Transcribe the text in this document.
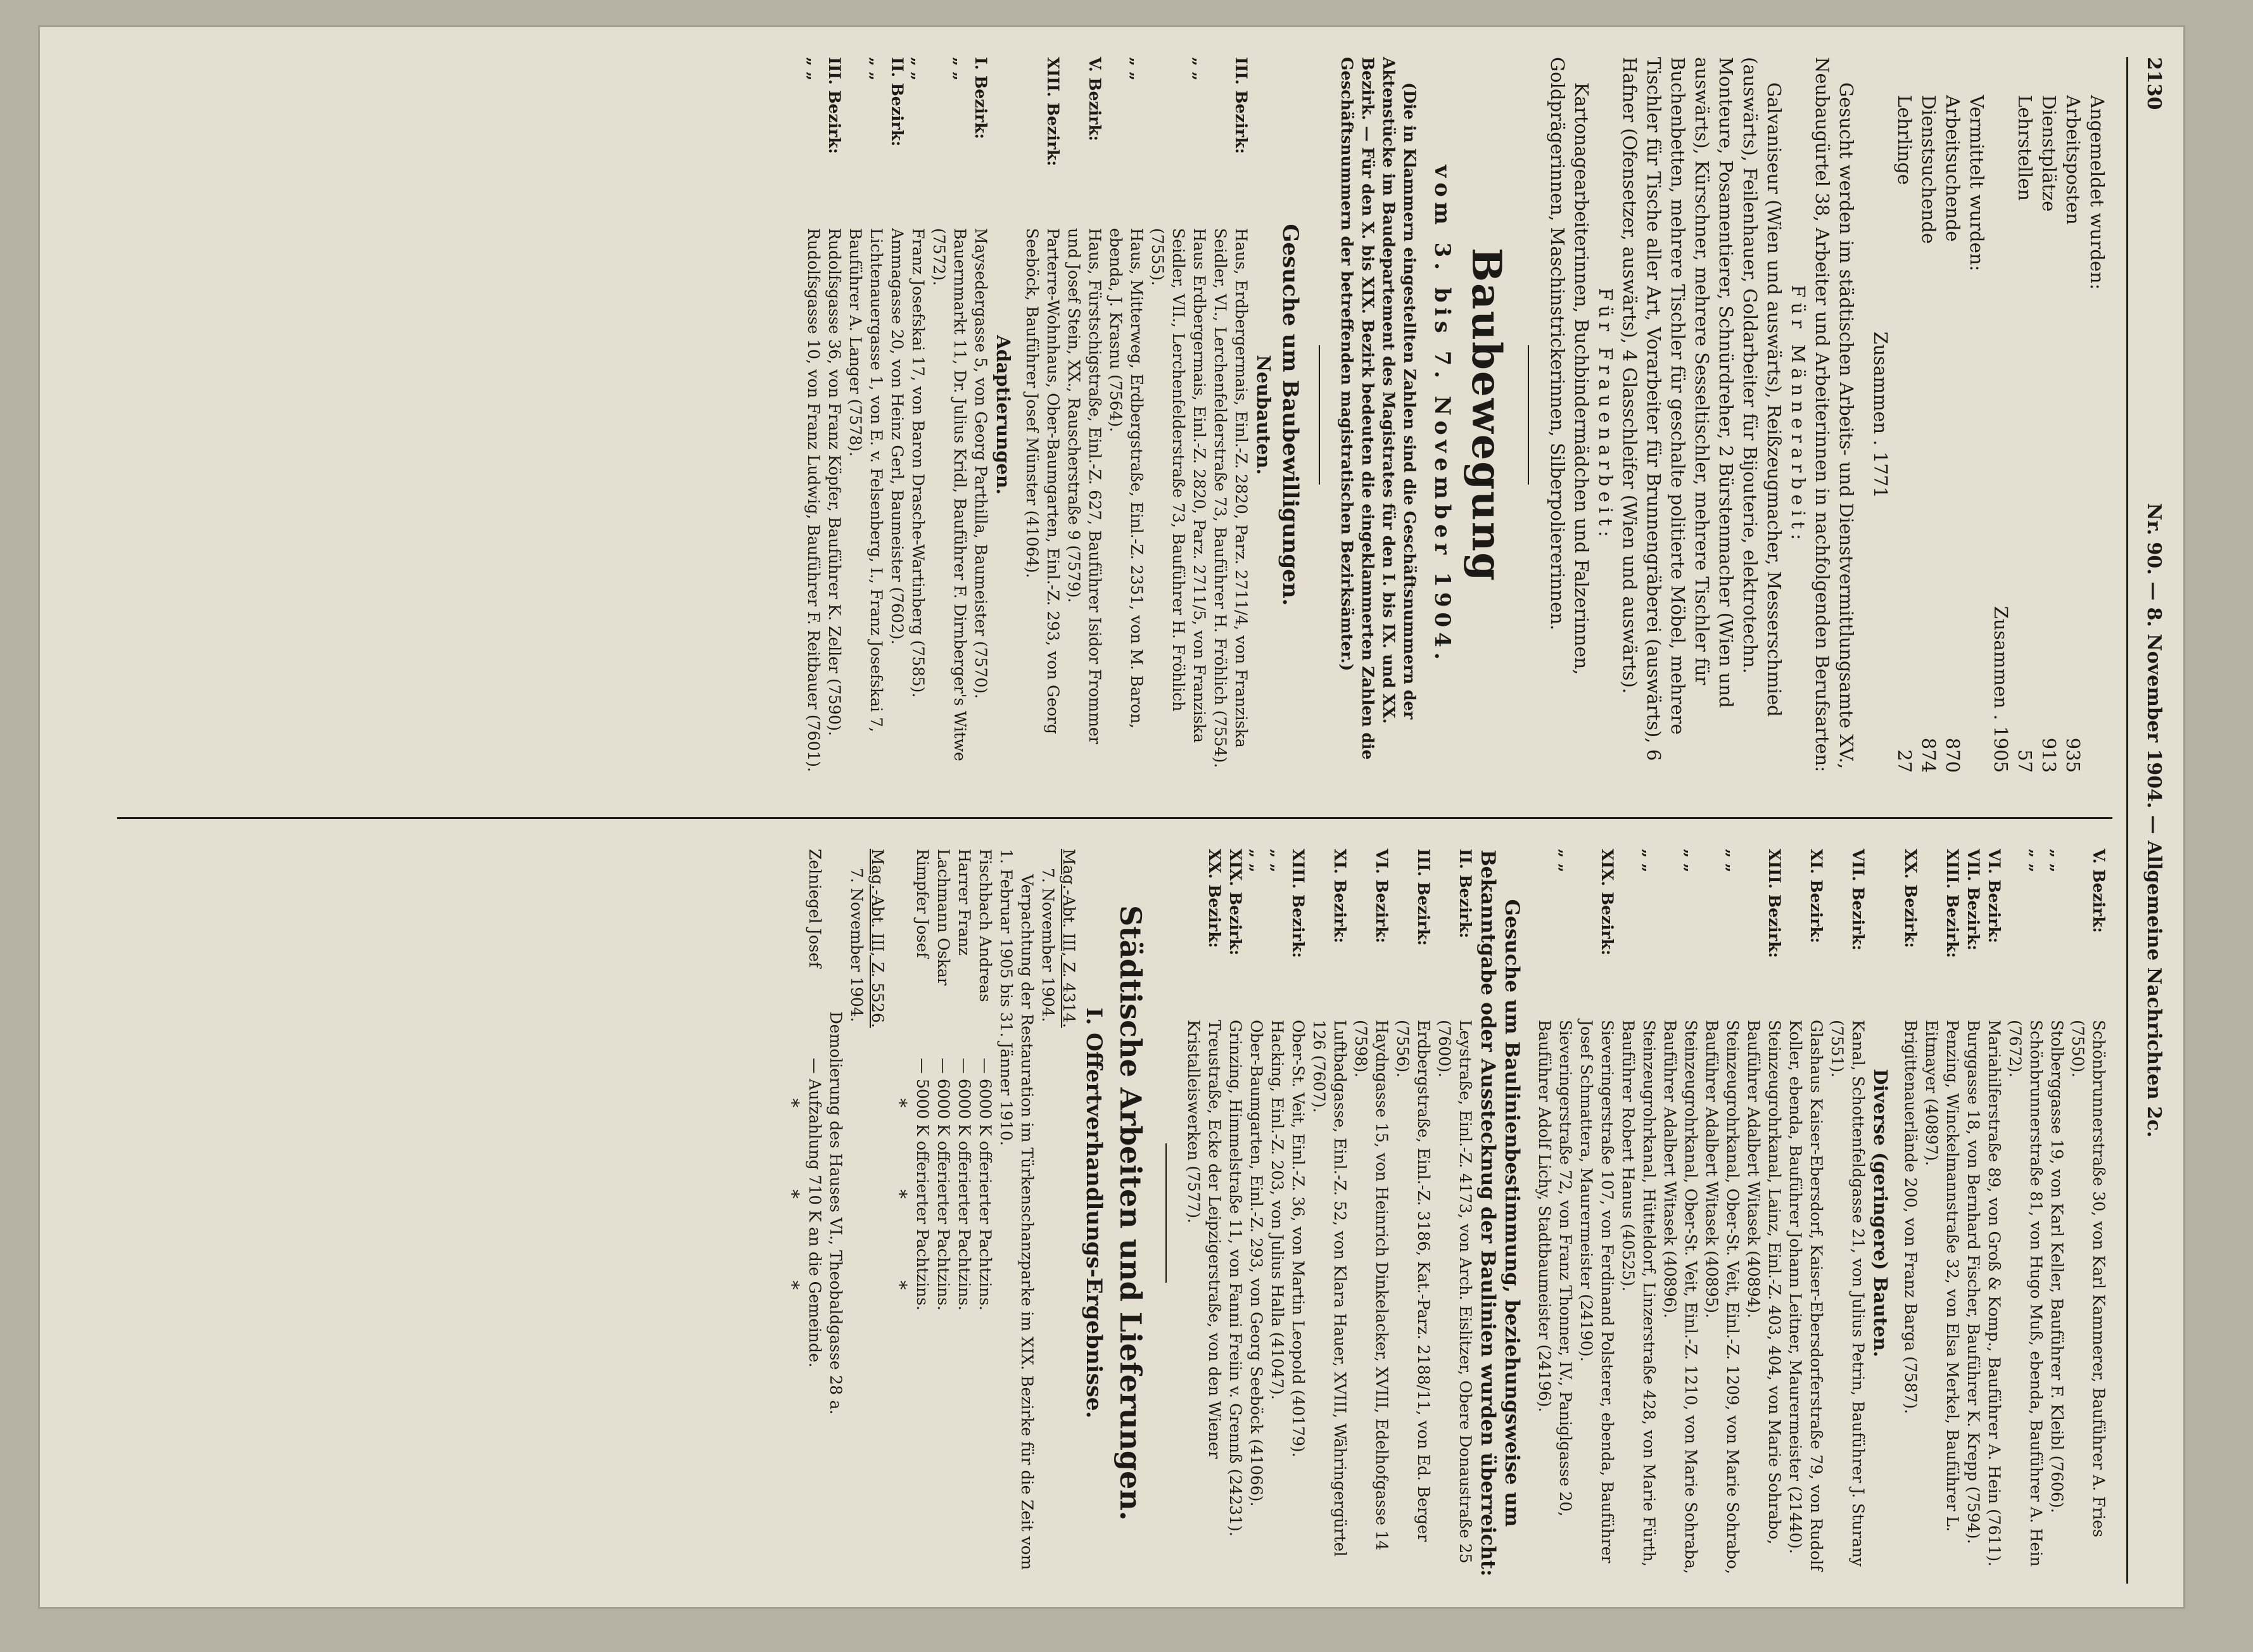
2130
Nr. 90. — 8. November 1904. — Allgemeine Nachrichten 2c.

Angemeldet wurden:

Arbeitsposten
935
Dienstplätze
913
Lehrstellen
57

Zusammen . 1905

Vermittelt wurden:

Arbeitsuchende
870
Dienstsuchende
874
Lehrlinge
27

Zusammen . 1771

Gesucht werden im städtischen Arbeits- und Dienstvermittlungsamte XV., Neubaugürtel 38, Arbeiter und Arbeiterinnen in nachfolgenden Berufsarten:

Für Männerarbeit:

Galvaniseur (Wien und auswärts), Reißzeugmacher, Messerschmied (auswärts), Feilenhauer, Goldarbeiter für Bijouterie, elektrotechn. Monteure, Posamentierer, Schnürdreher, 2 Bürstenmacher (Wien und auswärts), Kürschner, mehrere Sesseltischler, mehrere Tischler für Buchenbetten, mehrere Tischler für geschalte politierte Möbel, mehrere Tischler für Tische aller Art, Vorarbeiter für Brunnengräberei (auswärts), 6 Hafner (Ofensetzer, auswärts), 4 Glasschleifer (Wien und auswärts).

Für Frauenarbeit:

Kartonagearbeiterinnen, Buchbindermädchen und Falzerinnen, Goldprägerinnen, Maschinstrickerinnen, Silberpoliererinnen.

Baubewegung

vom 3. bis 7. November 1904.

(Die in Klammern eingestellten Zahlen sind die Geschäftsnummern der Aktenstücke im Baudepartement des Magistrates für den I. bis IX. und XX. Bezirk. — Für den X. bis XIX. Bezirk bedeuten die eingeklammerten Zahlen die Geschäftsnummern der betreffenden magistratischen Bezirksämter.)

Gesuche um Baubewilligungen.

Neubauten.

III. Bezirk:
Haus, Erdbergermais, Einl.-Z. 2820, Parz. 2711/4, von Franziska Seidler, VI., Lerchenfelderstraße 73, Bauführer H. Fröhlich (7554).
„ „
Haus Erdbergermais, Einl.-Z. 2820, Parz. 2711/5, von Franziska Seidler, VII., Lerchenfelderstraße 73, Bauführer H. Fröhlich (7555).
„ „
Haus, Mitterweg, Erdbergstraße, Einl.-Z. 2351, von M. Baron, ebenda, J. Krasnu (7564).
V. Bezirk:
Haus, Fürstschigstraße, Einl.-Z. 627, Bauführer Isidor Frommer und Josef Stein, XX., Rauscherstraße 9 (7579).
XIII. Bezirk:
Parterre-Wohnhaus, Ober-Baumgarten, Einl.-Z. 293, von Georg Seeböck, Bauführer Josef Münster (41064).

Adaptierungen.

I. Bezirk:
Maysedergasse 5, von Georg Parthilla, Baumeister (7570).
„ „
Bauernmarkt 11, Dr. Julius Kridl, Bauführer F. Dirnberger's Witwe (7572).
„ „
Franz Josefskai 17, von Baron Drasche-Wartinberg (7585).
II. Bezirk:
Ammagasse 20, von Heinz Gerl, Baumeister (7602).
„ „
Lichtenauergasse 1, von E. v. Felsenberg, I., Franz Josefskai 7, Bauführer A. Langer (7578).
III. Bezirk:
Rudolfsgasse 36, von Franz Köpfer, Bauführer K. Zeller (7590).
„ „
Rudolfsgasse 10, von Franz Ludwig, Bauführer F. Reitbauer (7601).
V. Bezirk:
Schönbrunnerstraße 30, von Karl Kammerer, Bauführer A. Fries (7550).
„ „
Stolberggasse 19, von Karl Keller, Bauführer F. Kleibl (7606).
„ „
Schönbrunnerstraße 81, von Hugo Muß, ebenda, Bauführer A. Hein (7672).
VI. Bezirk:
Mariahilferstraße 89, von Groß & Komp., Bauführer A. Hein (7611).
VII. Bezirk:
Burggasse 18, von Bernhard Fischer, Bauführer K. Krepp (7594).
XIII. Bezirk:
Penzing, Winckelmannstraße 32, von Elsa Merkel, Bauführer L. Eitmayer (40897).
XX. Bezirk:
Brigittenauerlände 200, von Franz Barga (7587).

Diverse (geringere) Bauten.

VII. Bezirk:
Kanal, Schottenfeldgasse 21, von Julius Petrin, Bauführer J. Sturany (7551).
XI. Bezirk:
Glashaus Kaiser-Ebersdorf, Kaiser-Ebersdorferstraße 79, von Rudolf Koller, ebenda, Bauführer Johann Leitner, Maurermeister (21440).
XIII. Bezirk:
Steinzeugrohrkanal, Lainz, Einl.-Z. 403, 404, von Marie Sohrabo, Bauführer Adalbert Witasek (40894).
„ „
Steinzeugrohrkanal, Ober-St. Veit, Einl.-Z. 1209, von Marie Sohrabo, Bauführer Adalbert Witasek (40895).
„ „
Steinzeugrohrkanal, Ober-St. Veit, Einl.-Z. 1210, von Marie Sohraba, Bauführer Adalbert Witasek (40896).
„ „
Steinzeugrohrkanal, Hütteldorf, Linzerstraße 428, von Marie Fürth, Bauführer Robert Hanus (40525).
XIX. Bezirk:
Sieveringerstraße 107, von Ferdinand Polsterer, ebenda, Bauführer Josef Schmattera, Maurermeister (24190).
„ „
Sieveringerstraße 72, von Franz Thonner, IV., Paniglgasse 20, Bauführer Adolf Lichy, Stadtbaumeister (24196).

Gesuche um Baulinienbestimmung, beziehungsweise um Bekanntgabe oder Ausstecknug der Baulinien wurden überreicht:

II. Bezirk:
Leystraße, Einl.-Z. 4173, von Arch. Eislitzer, Obere Donaustraße 25 (7600).
III. Bezirk:
Erdbergstraße, Einl.-Z. 3186, Kat.-Parz. 2188/11, von Ed. Berger (7556).
VI. Bezirk:
Haydngasse 15, von Heinrich Dinkelacker, XVIII, Edelhofgasse 14 (7598).
XI. Bezirk:
Luftbadgasse, Einl.-Z. 52, von Klara Hauer, XVIII, Währingergürtel 126 (7607).
XIII. Bezirk:
Ober-St. Veit, Einl.-Z. 36, von Martin Leopold (40179).
„ „
Hacking, Einl.-Z. 203, von Julius Halla (41047).
„ „
Ober-Baumgarten, Einl.-Z. 293, von Georg Seeböck (41066).
XIX. Bezirk:
Grinzing, Himmelstraße 11, von Fanni Freiin v. Grennß (24231).
XX. Bezirk:
Treustraße, Ecke der Leipzigerstraße, von den Wiener Kristalleiswerken (7577).
Städtische Arbeiten und Lieferungen.

I. Offertverhandlungs-Ergebnisse.

Mag.-Abt. III, Z. 4314.

7. November 1904.

Verpachtung der Restauration im Türkenschanzparke im XIX. Bezirke für die Zeit vom 1. Februar 1905 bis 31. Jänner 1910.

Fischbach Andreas
— 6000 K offerierter Pachtzins.
Harrer Franz
— 6000 K offerierter Pachtzins.
Lachmann Oskar
— 6000 K offerierter Pachtzins.
Rimpfer Josef
— 5000 K offerierter Pachtzins.

* * *

Mag.-Abt. III, Z. 5526.

7. November 1904.

Demolierung des Hauses VI., Theobaldgasse 28 a.

Zelniegel Josef
— Aufzahlung 710 K an die Gemeinde.

* * *
